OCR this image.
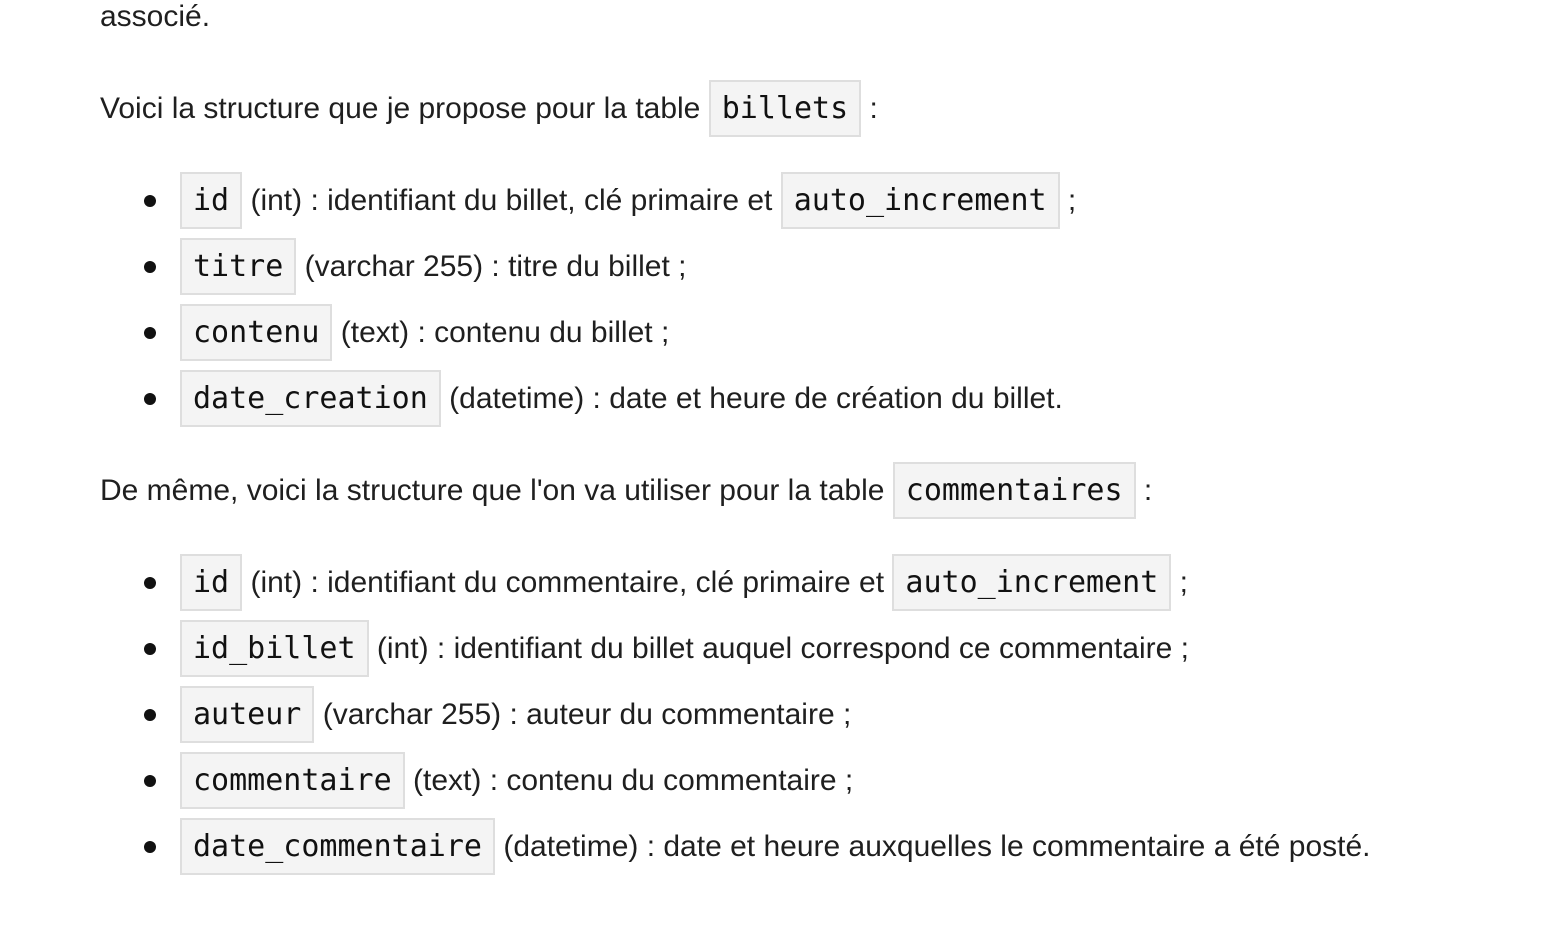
associé.

Voici la structure que je propose pour la table billets :

id (int) : identifiant du billet, clé primaire et auto_increment ;
titre (varchar 255) : titre du billet ;
contenu (text) : contenu du billet ;
date_creation (datetime) : date et heure de création du billet.

De même, voici la structure que l'on va utiliser pour la table commentaires :

id (int) : identifiant du commentaire, clé primaire et auto_increment ;
id_billet (int) : identifiant du billet auquel correspond ce commentaire ;
auteur (varchar 255) : auteur du commentaire ;
commentaire (text) : contenu du commentaire ;
date_commentaire (datetime) : date et heure auxquelles le commentaire a été posté.
